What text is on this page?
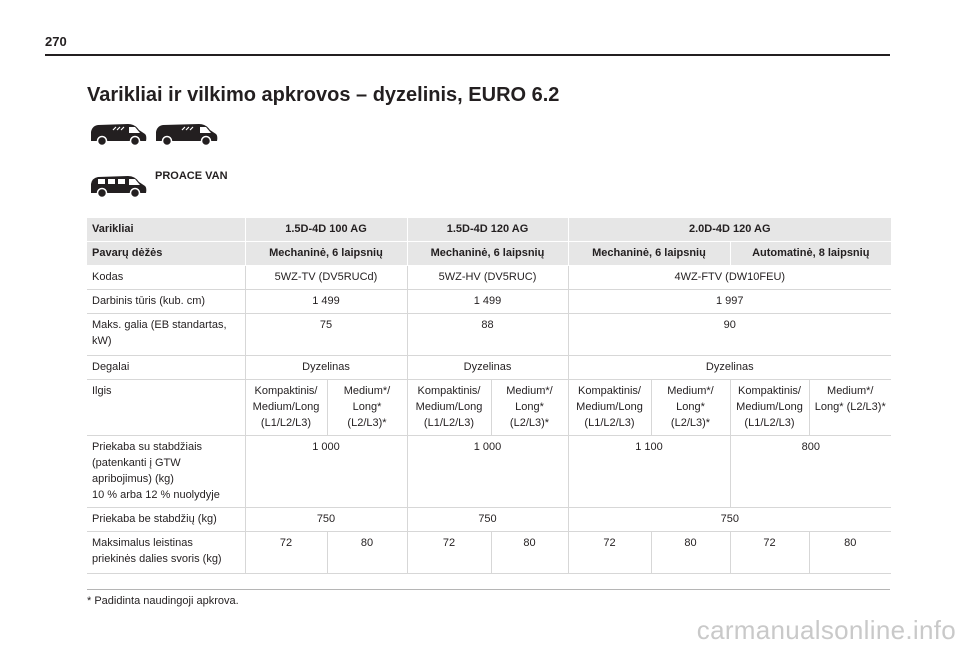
270
Varikliai ir vilkimo apkrovos – dyzelinis, EURO 6.2
PROACE VAN
Varikliai	1.5D-4D 100 AG		1.5D-4D 120 AG		2.0D-4D 120 AG			
Pavarų dėžės	Mechaninė, 6 laipsnių		Mechaninė, 6 laipsnių		Mechaninė, 6 laipsnių		Automatinė, 8 laipsnių	
Kodas	5WZ-TV (DV5RUCd)		5WZ-HV (DV5RUC)		4WZ-FTV (DW10FEU)			
Darbinis tūris (kub. cm)	1 499		1 499		1 997			
Maks. galia (EB standartas, kW)	75		88		90			
Degalai	Dyzelinas		Dyzelinas		Dyzelinas			
Ilgis	Kompaktinis/ Medium/Long (L1/L2/L3)	Medium*/ Long* (L2/L3)*	Kompaktinis/ Medium/Long (L1/L2/L3)	Medium*/ Long* (L2/L3)*	Kompaktinis/ Medium/Long (L1/L2/L3)	Medium*/ Long* (L2/L3)*	Kompaktinis/ Medium/Long (L1/L2/L3)	Medium*/ Long* (L2/L3)*

Priekaba su stabdžiais
(patenkanti į GTW
apribojimus) (kg)
10 % arba 12 % nuolydyje	1 000		1 000		1 100		800	
Priekaba be stabdžių (kg)	750		750		750			
Maksimalus leistinas priekinės dalies svoris (kg)	72	80	72	80	72	80	72	80
* Padidinta naudingoji apkrova.
carmanualsonline.info
